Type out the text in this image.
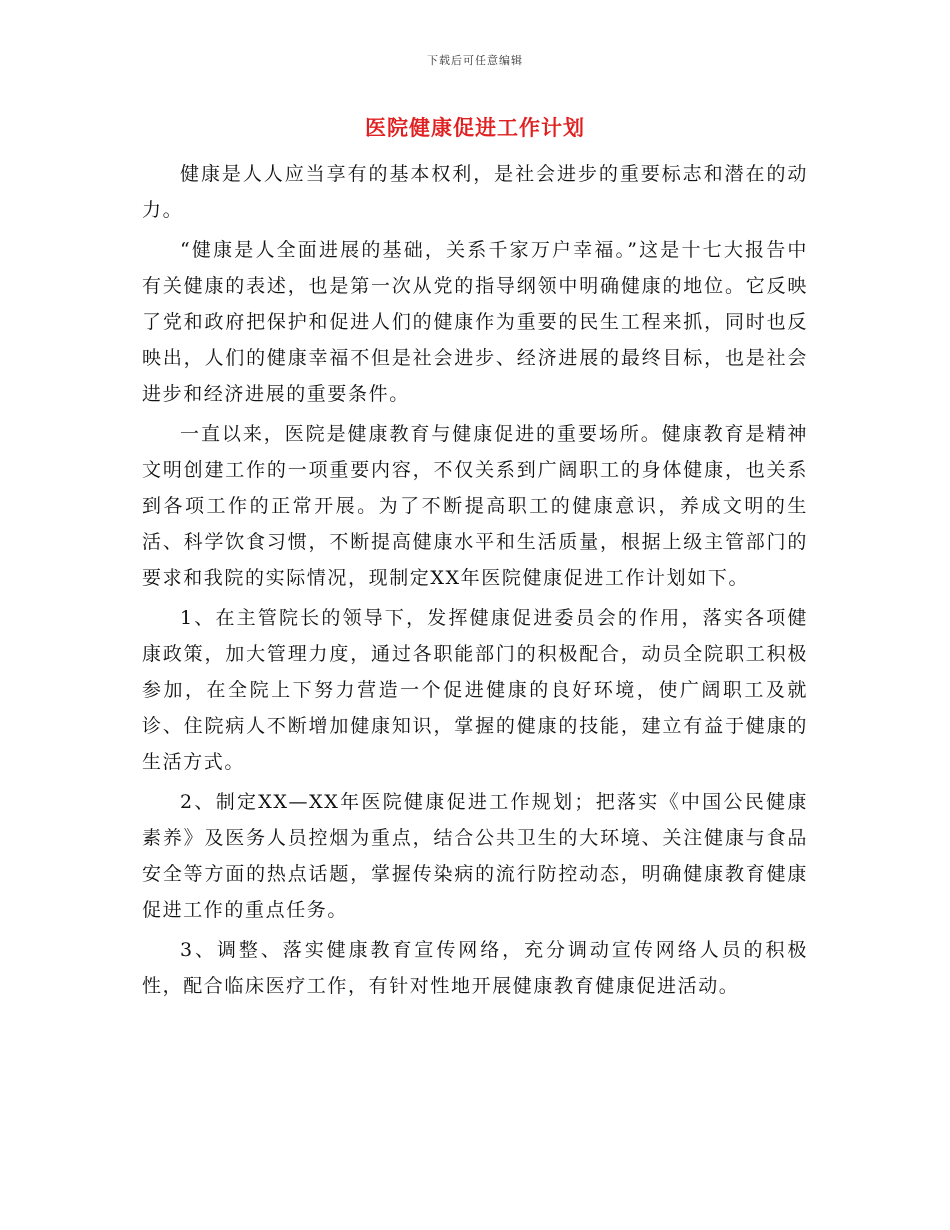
下载后可任意编辑
医院健康促进工作计划

健康是人人应当享有的基本权利，是社会进步的重要标志和潜在的动力。

“健康是人全面进展的基础，关系千家万户幸福。”这是十七大报告中有关健康的表述，也是第一次从党的指导纲领中明确健康的地位。它反映了党和政府把保护和促进人们的健康作为重要的民生工程来抓，同时也反映出，人们的健康幸福不但是社会进步、经济进展的最终目标，也是社会进步和经济进展的重要条件。

一直以来，医院是健康教育与健康促进的重要场所。健康教育是精神文明创建工作的一项重要内容，不仅关系到广阔职工的身体健康，也关系到各项工作的正常开展。为了不断提高职工的健康意识，养成文明的生活、科学饮食习惯，不断提高健康水平和生活质量，根据上级主管部门的要求和我院的实际情况，现制定XX年医院健康促进工作计划如下。

1、在主管院长的领导下，发挥健康促进委员会的作用，落实各项健康政策，加大管理力度，通过各职能部门的积极配合，动员全院职工积极参加，在全院上下努力营造一个促进健康的良好环境，使广阔职工及就诊、住院病人不断增加健康知识，掌握的健康的技能，建立有益于健康的生活方式。

2、制定XX—XX年医院健康促进工作规划；把落实《中国公民健康素养》及医务人员控烟为重点，结合公共卫生的大环境、关注健康与食品安全等方面的热点话题，掌握传染病的流行防控动态，明确健康教育健康促进工作的重点任务。

3、调整、落实健康教育宣传网络，充分调动宣传网络人员的积极性，配合临床医疗工作，有针对性地开展健康教育健康促进活动。
